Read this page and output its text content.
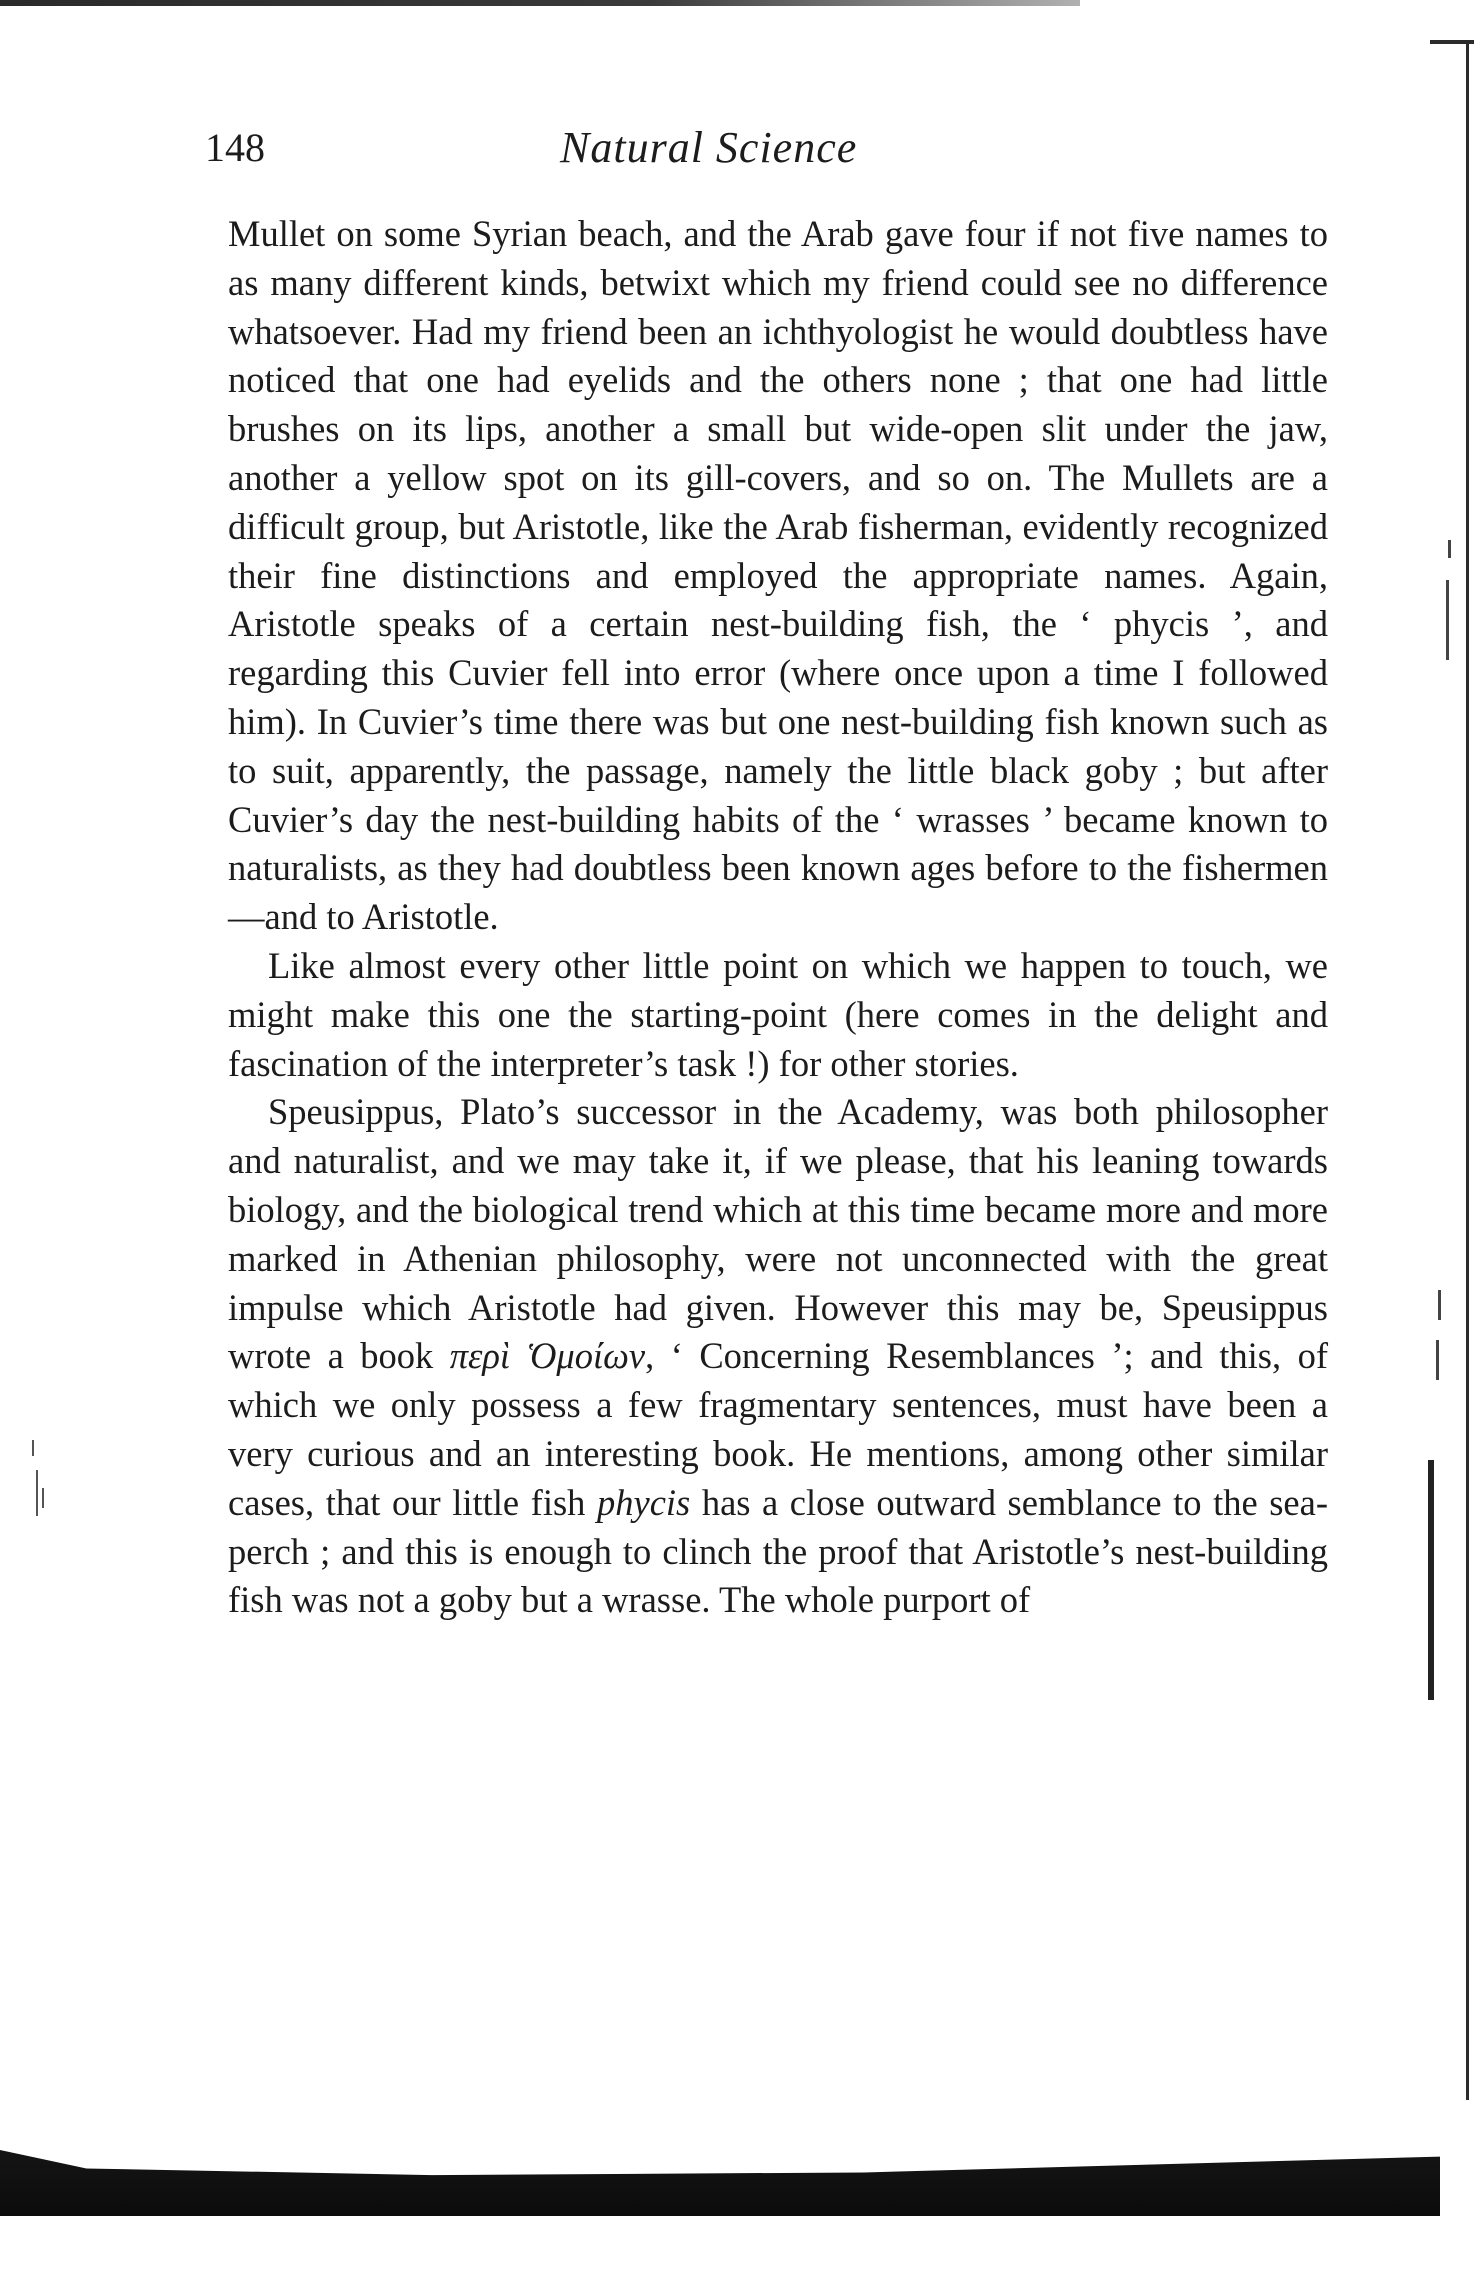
148	Natural Science

Mullet on some Syrian beach, and the Arab gave four if not five names to as many different kinds, betwixt which my friend could see no difference whatsoever. Had my friend been an ichthyologist he would doubtless have noticed that one had eyelids and the others none ; that one had little brushes on its lips, another a small but wide-open slit under the jaw, another a yellow spot on its gill-covers, and so on. The Mullets are a difficult group, but Aristotle, like the Arab fisherman, evidently recognized their fine distinctions and employed the appropriate names. Again, Aristotle speaks of a certain nest-building fish, the ‘ phycis ’, and regarding this Cuvier fell into error (where once upon a time I followed him). In Cuvier’s time there was but one nest-building fish known such as to suit, apparently, the passage, namely the little black goby ; but after Cuvier’s day the nest-building habits of the ‘ wrasses ’ became known to naturalists, as they had doubtless been known ages before to the fishermen—and to Aristotle.

Like almost every other little point on which we happen to touch, we might make this one the starting-point (here comes in the delight and fascination of the interpreter’s task !) for other stories.

Speusippus, Plato’s successor in the Academy, was both philosopher and naturalist, and we may take it, if we please, that his leaning towards biology, and the biological trend which at this time became more and more marked in Athenian philosophy, were not unconnected with the great impulse which Aristotle had given. However this may be, Speusippus wrote a book περὶ Ὁμοίων, ‘ Concerning Resemblances ’; and this, of which we only possess a few fragmentary sentences, must have been a very curious and an interesting book. He mentions, among other similar cases, that our little fish phycis has a close outward semblance to the sea-perch ; and this is enough to clinch the proof that Aristotle’s nest-building fish was not a goby but a wrasse. The whole purport of
